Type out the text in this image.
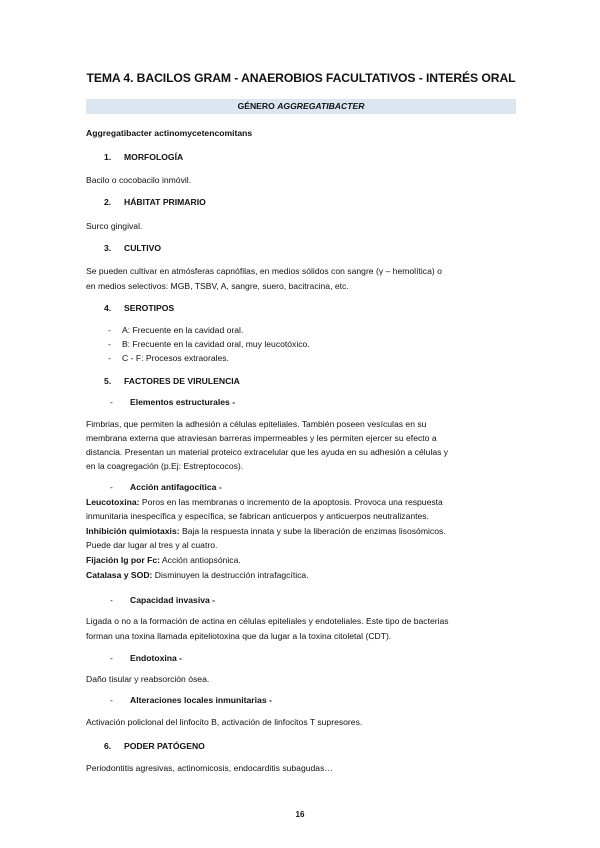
TEMA 4. BACILOS GRAM - ANAEROBIOS FACULTATIVOS - INTERÉS ORAL
GÉNERO AGGREGATIBACTER
Aggregatibacter actinomycetencomitans
1. MORFOLOGÍA
Bacilo o cocobacilo inmóvil.
2. HÁBITAT PRIMARIO
Surco gingival.
3. CULTIVO
Se pueden cultivar en atmósferas capnófilas, en medios sólidos con sangre (γ – hemolítica) o
en medios selectivos: MGB, TSBV, A, sangre, suero, bacitracina, etc.
4. SEROTIPOS
- A: Frecuente en la cavidad oral.
- B: Frecuente en la cavidad oral, muy leucotóxico.
- C - F: Procesos extraorales.
5. FACTORES DE VIRULENCIA
- Elementos estructurales -
Fimbrias, que permiten la adhesión a células epiteliales. También poseen vesículas en su
membrana externa que atraviesan barreras impermeables y les permiten ejercer su efecto a
distancia. Presentan un material proteico extracelular que les ayuda en su adhesión a células y
en la coagregación (p.Ej: Estreptococos).
- Acción antifagocítica -
Leucotoxina: Poros en las membranas o incremento de la apoptosis. Provoca una respuesta
inmunitaria inespecífica y específica, se fabrican anticuerpos y anticuerpos neutralizantes.
Inhibición quimiotaxis: Baja la respuesta innata y sube la liberación de enzimas lisosómicos.
Puede dar lugar al tres y al cuatro.
Fijación Ig por Fc: Acción antiopsónica.
Catalasa y SOD: Disminuyen la destrucción intrafagcítica.
- Capacidad invasiva -
Ligada o no a la formación de actina en células epiteliales y endoteliales. Este tipo de bacterias
forman una toxina llamada epiteliotoxina que da lugar a la toxina citoletal (CDT).
- Endotoxina -
Daño tisular y reabsorción ósea.
- Alteraciones locales inmunitarias -
Activación policlonal del linfocito B, activación de linfocitos T supresores.
6. PODER PATÓGENO
Periodontitis agresivas, actinomicosis, endocarditis subagudas…
16
